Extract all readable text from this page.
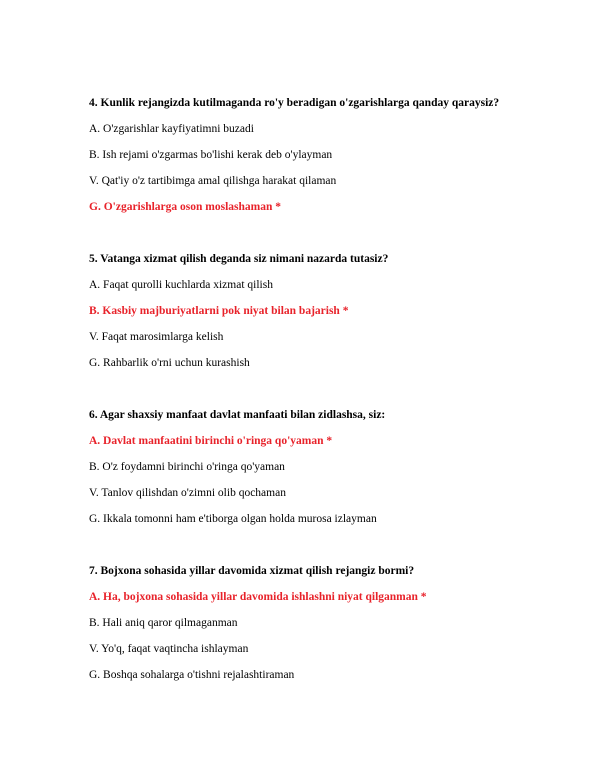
4. Kunlik rejangizda kutilmaganda ro'y beradigan o'zgarishlarga qanday qaraysiz?
A. O'zgarishlar kayfiyatimni buzadi
B. Ish rejami o'zgarmas bo'lishi kerak deb o'ylayman
V. Qat'iy o'z tartibimga amal qilishga harakat qilaman
G. O'zgarishlarga oson moslashaman *
5. Vatanga xizmat qilish deganda siz nimani nazarda tutasiz?
A. Faqat qurolli kuchlarda xizmat qilish
B. Kasbiy majburiyatlarni pok niyat bilan bajarish *
V. Faqat marosimlarga kelish
G. Rahbarlik o'rni uchun kurashish
6. Agar shaxsiy manfaat davlat manfaati bilan zidlashsa, siz:
A. Davlat manfaatini birinchi o'ringa qo'yaman *
B. O'z foydamni birinchi o'ringa qo'yaman
V. Tanlov qilishdan o'zimni olib qochaman
G. Ikkala tomonni ham e'tiborga olgan holda murosa izlayman
7. Bojxona sohasida yillar davomida xizmat qilish rejangiz bormi?
A. Ha, bojxona sohasida yillar davomida ishlashni niyat qilganman *
B. Hali aniq qaror qilmaganman
V. Yo'q, faqat vaqtincha ishlayman
G. Boshqa sohalarga o'tishni rejalashtiraman
